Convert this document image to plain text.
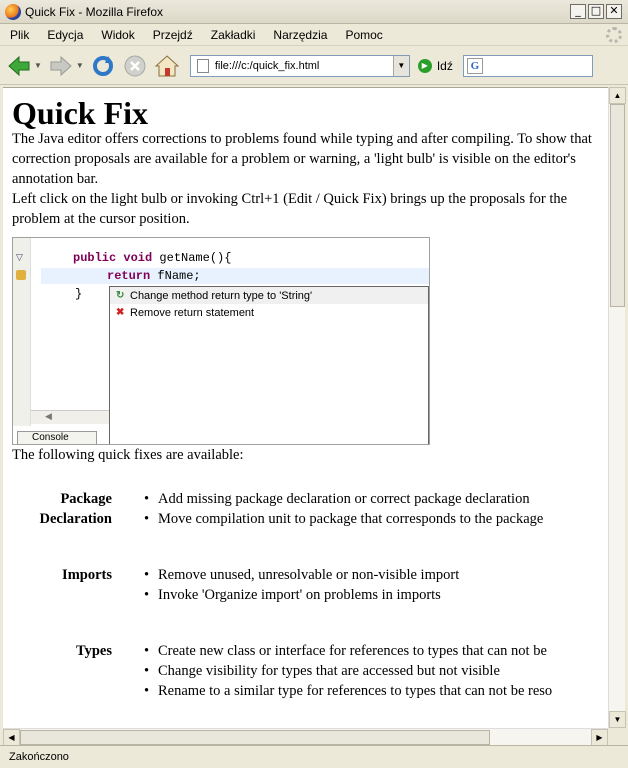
Quick Fix - Mozilla Firefox	_ □ ✕
Plik	Edycja	Widok	Przejdź	Zakładki	Narzędzia	Pomoc
▼	▼	file:///c:/quick_fix.html	▼	▶ Idź	G
Quick Fix

The Java editor offers corrections to problems found while typing and after compiling. To show that correction proposals are available for a problem or warning, a 'light bulb' is visible on the editor's annotation bar.

Left click on the light bulb or invoking Ctrl+1 (Edit / Quick Fix) brings up the proposals for the problem at the cursor position.

▽	public void getName(){
return fName;
}	↻ Change method return type to 'String'
✖ Remove return statement
◀
Console

The following quick fixes are available:

Package Declaration
• Add missing package declaration or correct package declaration
• Move compilation unit to package that corresponds to the package
Imports	• Remove unused, unresolvable or non-visible import
• Invoke 'Organize import' on problems in imports
Types	• Create new class or interface for references to types that can not be
• Change visibility for types that are accessed but not visible
• Rename to a similar type for references to types that can not be reso
▲
▼
◀	▶
Zakończono
